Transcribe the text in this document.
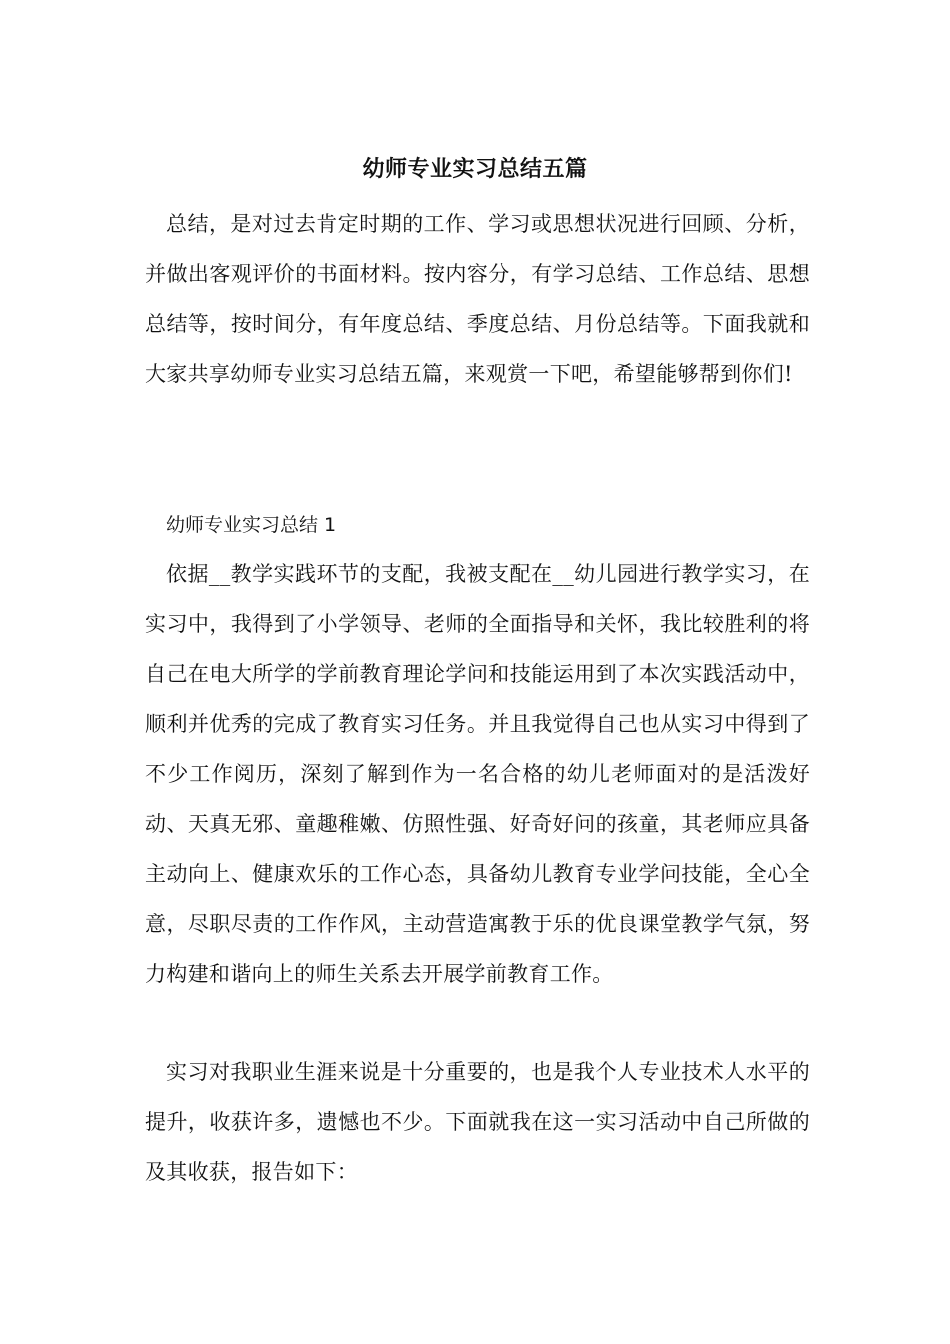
幼师专业实习总结五篇

总结，是对过去肯定时期的工作、学习或思想状况进行回顾、分析，并做出客观评价的书面材料。按内容分，有学习总结、工作总结、思想总结等，按时间分，有年度总结、季度总结、月份总结等。下面我就和大家共享幼师专业实习总结五篇，来观赏一下吧，希望能够帮到你们!

幼师专业实习总结 1

依据__教学实践环节的支配，我被支配在__幼儿园进行教学实习，在实习中，我得到了小学领导、老师的全面指导和关怀，我比较胜利的将自己在电大所学的学前教育理论学问和技能运用到了本次实践活动中，顺利并优秀的完成了教育实习任务。并且我觉得自己也从实习中得到了不少工作阅历，深刻了解到作为一名合格的幼儿老师面对的是活泼好动、天真无邪、童趣稚嫩、仿照性强、好奇好问的孩童，其老师应具备主动向上、健康欢乐的工作心态，具备幼儿教育专业学问技能，全心全意，尽职尽责的工作作风，主动营造寓教于乐的优良课堂教学气氛，努力构建和谐向上的师生关系去开展学前教育工作。

实习对我职业生涯来说是十分重要的，也是我个人专业技术人水平的提升，收获许多，遗憾也不少。下面就我在这一实习活动中自己所做的及其收获，报告如下：
